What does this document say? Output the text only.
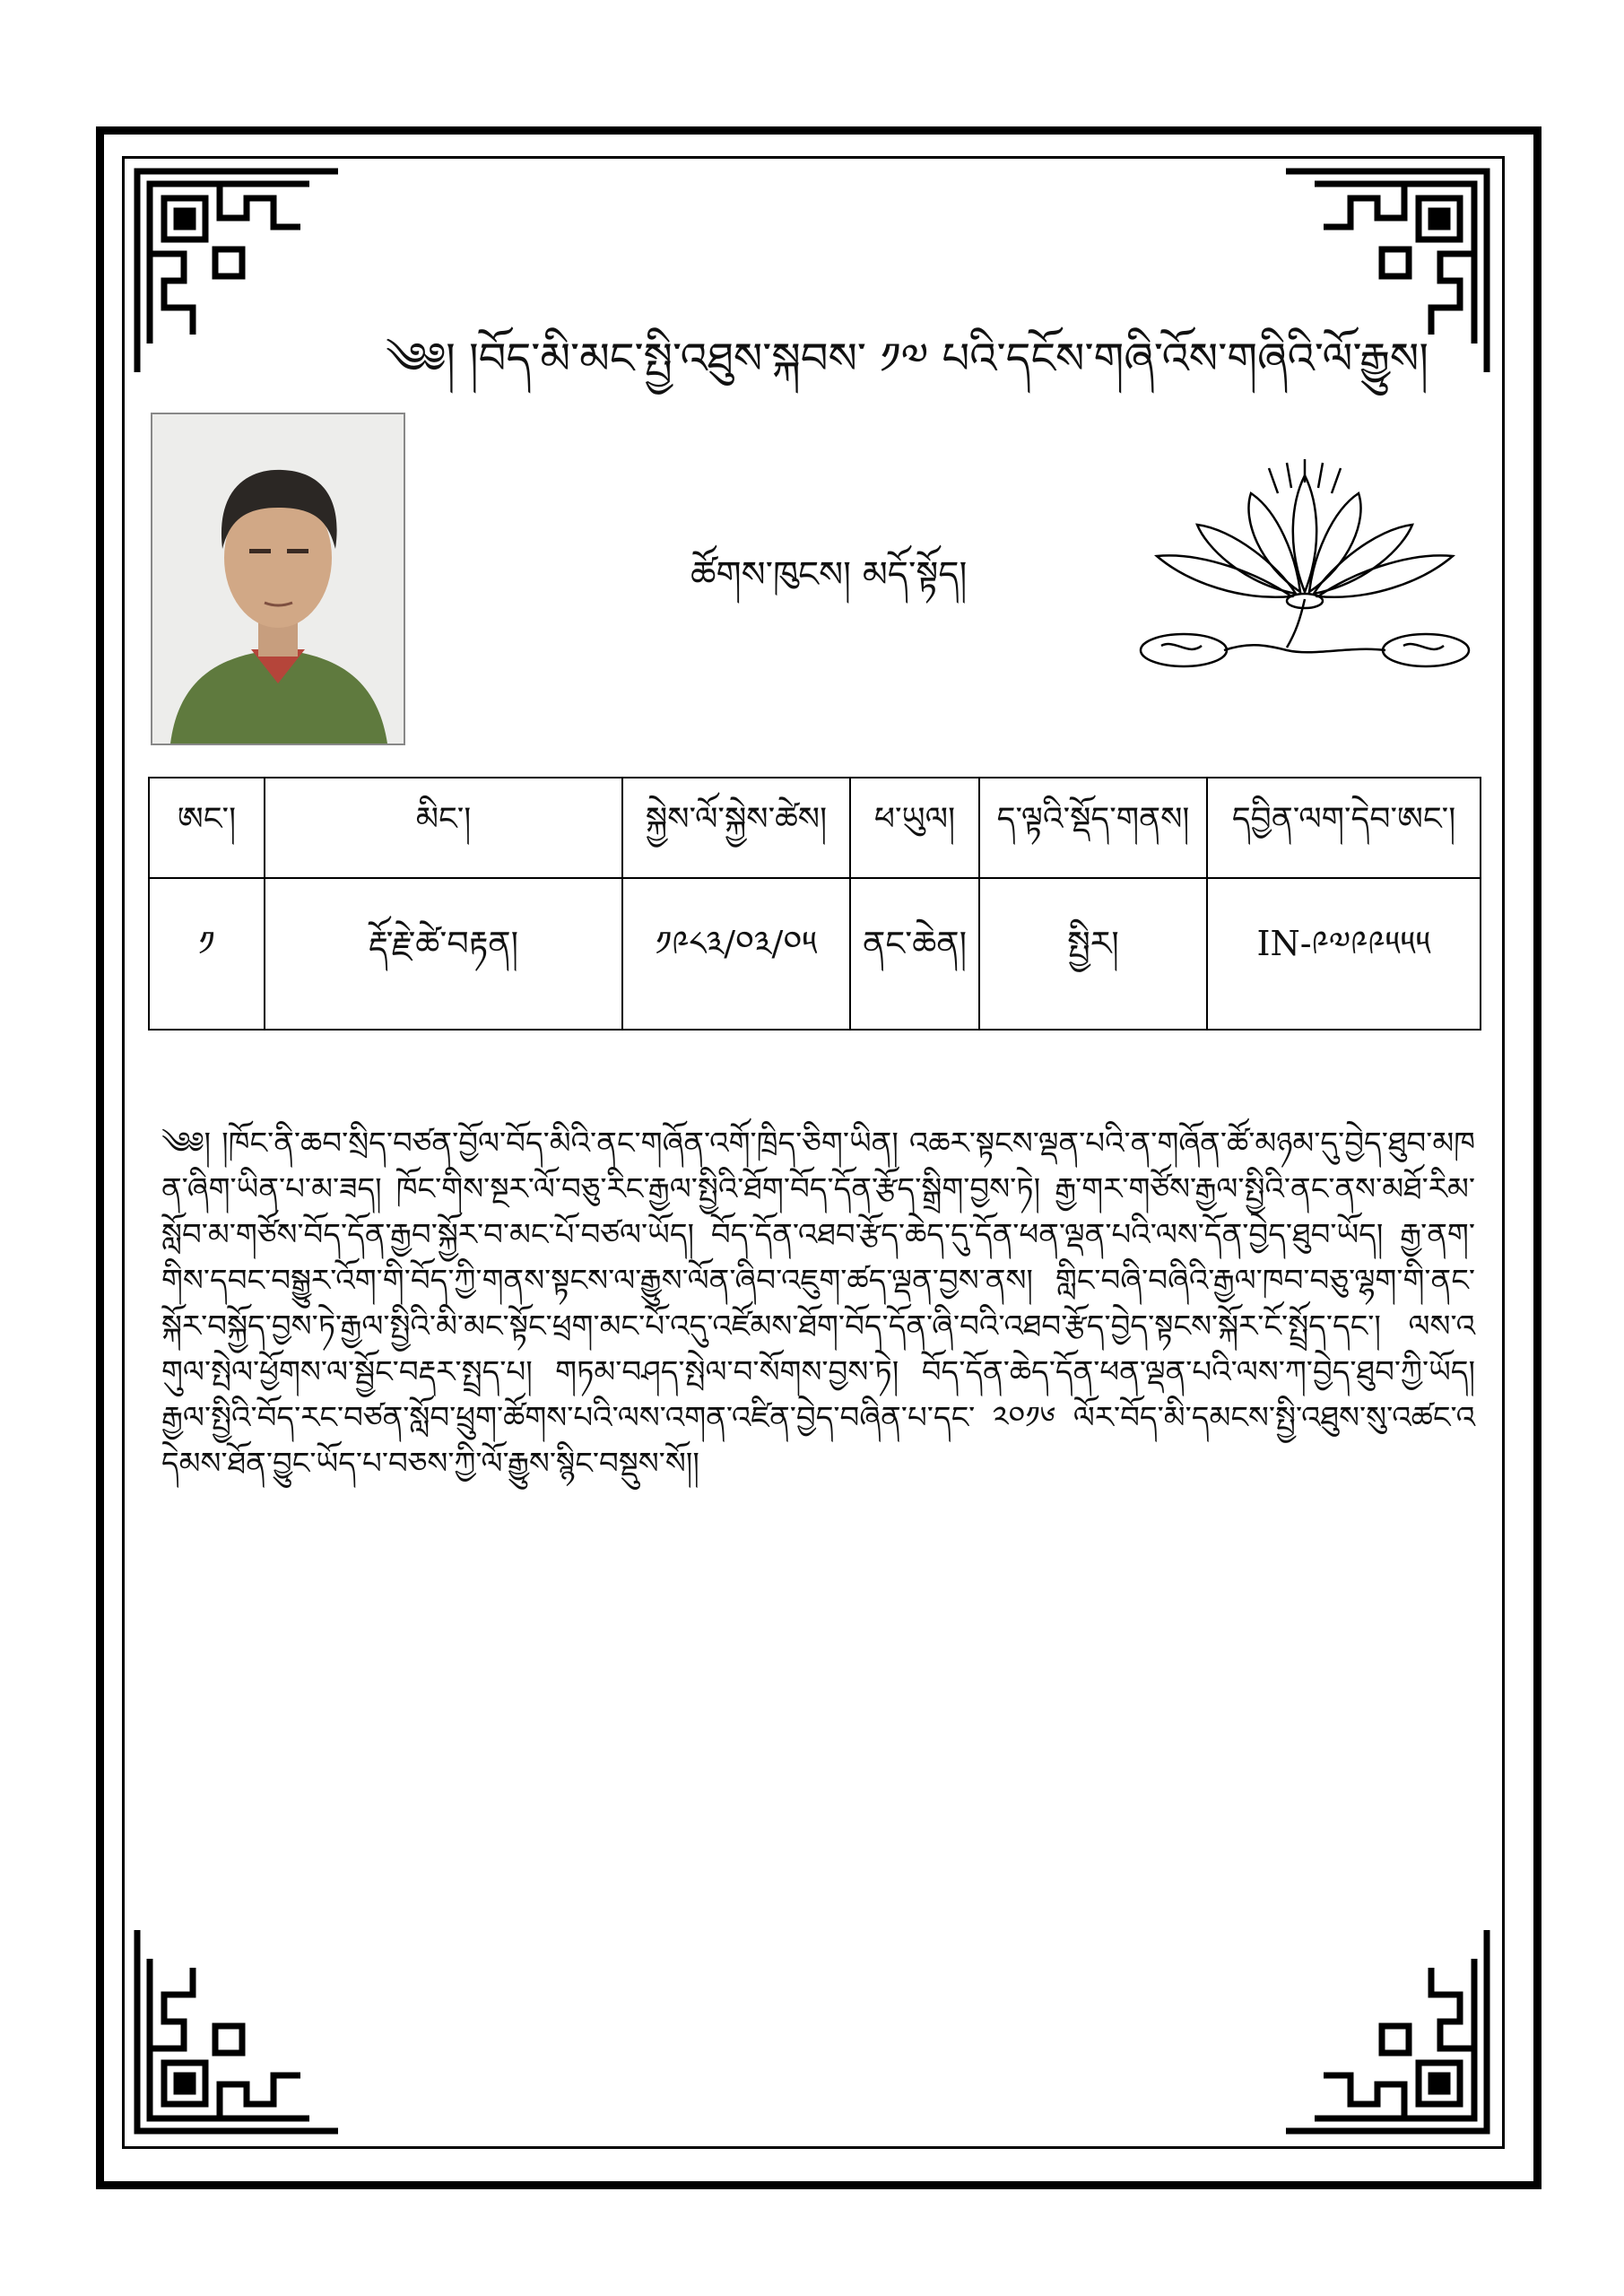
༄༅། །བོད་མི་མང་སྤྱི་འཐུས་སྐབས་ ༡༧ པའི་དངོས་གཞི་འོས་གཞིའི་ལོ་རྒྱུས།
ཚོགས་ཁུངས། མདོ་སྟོད།
ཨང་།	མིང་།	སྐྱེས་ལོ་སྐྱེས་ཚེས།	ཕ་ཡུལ།	ད་ལྟའི་སྡོད་གནས།	དབྱིན་ལག་དེབ་ཨང་།
༡	རྡོ་རྗེ་ཚེ་བརྟན།	༡༩༨༣/༠༣/༠༥	ནང་ཆེན།	སྤྱིར།	IN-༩༧༩༩༥༥༥
༄༅། །ཁོང་ནི་ཆབ་སྲིད་བཙན་བྱོལ་བོད་མིའི་ནང་གཞོན་འགོ་ཁྲིད་ཅིག་ཡིན། འཆར་སྟངས་ལྡན་པའི་ན་གཞོན་ཚོ་མཉམ་དུ་བྱེད་ཐུབ་མཁན་ཞིག་ཡིན་པ་མ་ཟད། ཁོང་གིས་སྔར་ལོ་བཅུ་རིང་རྒྱལ་སྤྱིའི་ཐོག་བོད་དོན་རྩོད་སྒྲིག་བྱས་ཏེ། རྒྱ་གར་གཙོས་རྒྱལ་སྤྱིའི་ནང་ནས་མཐོ་རིམ་སློབ་མ་གཙོས་བོད་དོན་རྒྱབ་སྐྱོར་བ་མང་པོ་བཙལ་ཡོད། བོད་དོན་འཐབ་རྩོད་ཆེད་དུ་དོན་ཕན་ལྡན་པའི་ལས་དོན་བྱེད་ཐུབ་ཡོད། རྒྱ་ནག་གིས་དབང་བསྒྱུར་འོག་གི་བོད་ཀྱི་གནས་སྟངས་ལ་རྒྱུས་ལོན་ཞིབ་འཇུག་ཚད་ལྡན་བྱས་ནས། གླིང་བཞི་བཞིའི་རྒྱལ་ཁབ་བཅུ་ལྷག་གི་ནང་སྐོར་བསྐྱོད་བྱས་ཏེ་རྒྱལ་སྤྱིའི་མི་མང་སྟོང་ཕྲག་མང་པོ་འདུ་འཛོམས་ཐོག་བོད་དོན་ཞི་བའི་འཐབ་རྩོད་བྱེད་སྟངས་སྐོར་ངོ་སྤྲོད་དང་། ལས་འགུལ་སྤེལ་ཕྱོགས་ལ་སྦྱོང་བརྡར་སྤྲད་པ། གཏམ་བཤད་སྤེལ་བ་སོགས་བྱས་ཏེ། བོད་དོན་ཆེད་དོན་ཕན་ལྡན་པའི་ལས་ཀ་བྱེད་ཐུབ་ཀྱི་ཡོད། རྒྱལ་སྤྱིའི་བོད་རང་བཙན་སློབ་ཕྲུག་ཚོགས་པའི་ལས་འགན་འཛིན་བྱེད་བཞིན་པ་དང་ ༢༠༡༦ ལོར་བོད་མི་དམངས་སྤྱི་འཐུས་སུ་འཚང་འདེམས་ཐོན་བྱུང་ཡོད་པ་བཅས་ཀྱི་ལོ་རྒྱུས་སྙིང་བསྡུས་སོ།།
